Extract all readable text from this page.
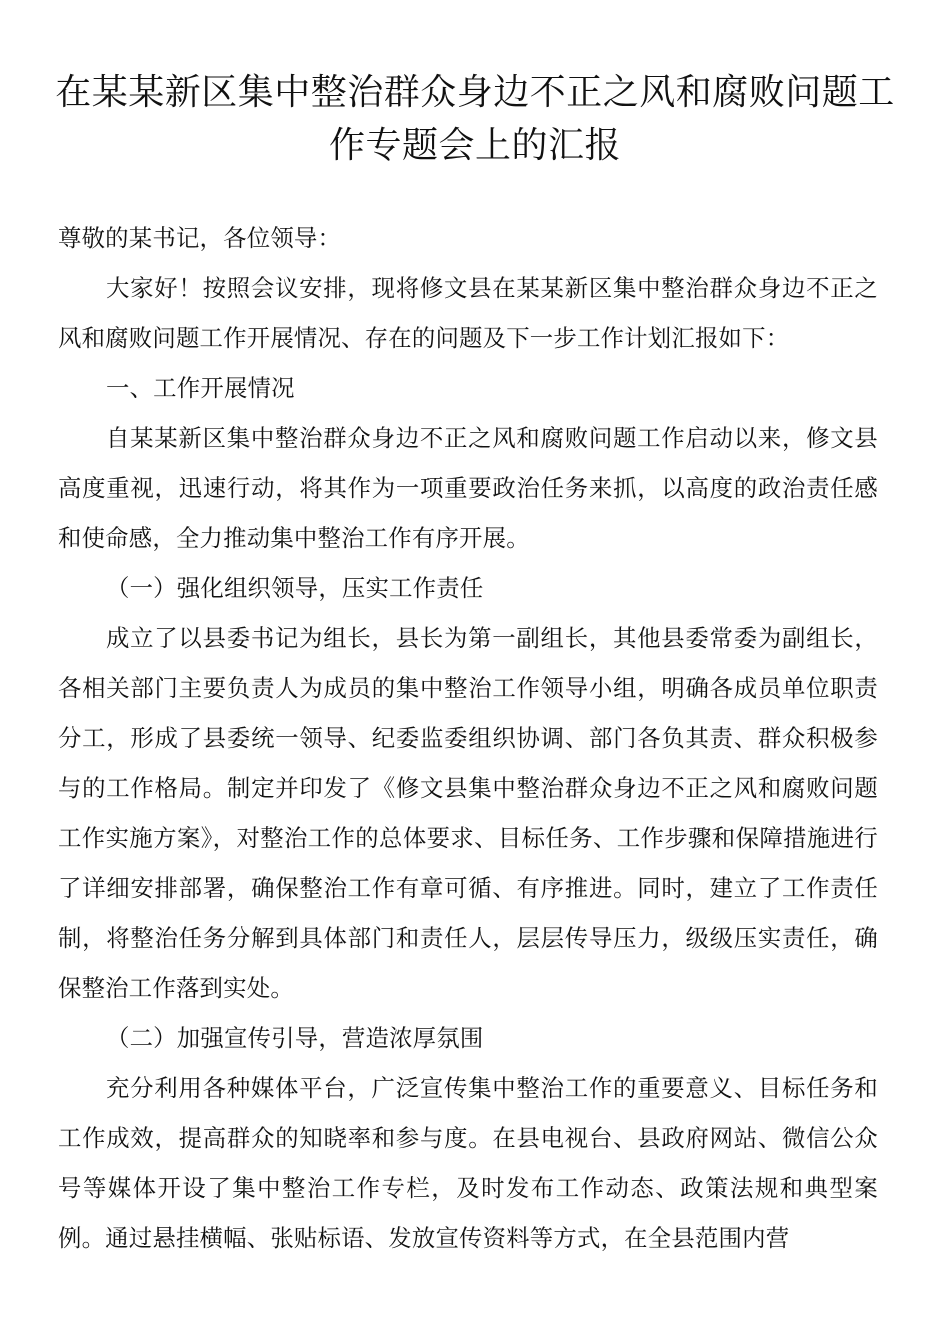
在某某新区集中整治群众身边不正之风和腐败问题工作专题会上的汇报

尊敬的某书记，各位领导：

大家好！按照会议安排，现将修文县在某某新区集中整治群众身边不正之风和腐败问题工作开展情况、存在的问题及下一步工作计划汇报如下：

一、工作开展情况

自某某新区集中整治群众身边不正之风和腐败问题工作启动以来，修文县高度重视，迅速行动，将其作为一项重要政治任务来抓，以高度的政治责任感和使命感，全力推动集中整治工作有序开展。

（一）强化组织领导，压实工作责任

成立了以县委书记为组长，县长为第一副组长，其他县委常委为副组长，各相关部门主要负责人为成员的集中整治工作领导小组，明确各成员单位职责分工，形成了县委统一领导、纪委监委组织协调、部门各负其责、群众积极参与的工作格局。制定并印发了《修文县集中整治群众身边不正之风和腐败问题工作实施方案》，对整治工作的总体要求、目标任务、工作步骤和保障措施进行了详细安排部署，确保整治工作有章可循、有序推进。同时，建立了工作责任制，将整治任务分解到具体部门和责任人，层层传导压力，级级压实责任，确保整治工作落到实处。

（二）加强宣传引导，营造浓厚氛围

充分利用各种媒体平台，广泛宣传集中整治工作的重要意义、目标任务和工作成效，提高群众的知晓率和参与度。在县电视台、县政府网站、微信公众号等媒体开设了集中整治工作专栏，及时发布工作动态、政策法规和典型案例。通过悬挂横幅、张贴标语、发放宣传资料等方式，在全县范围内营
